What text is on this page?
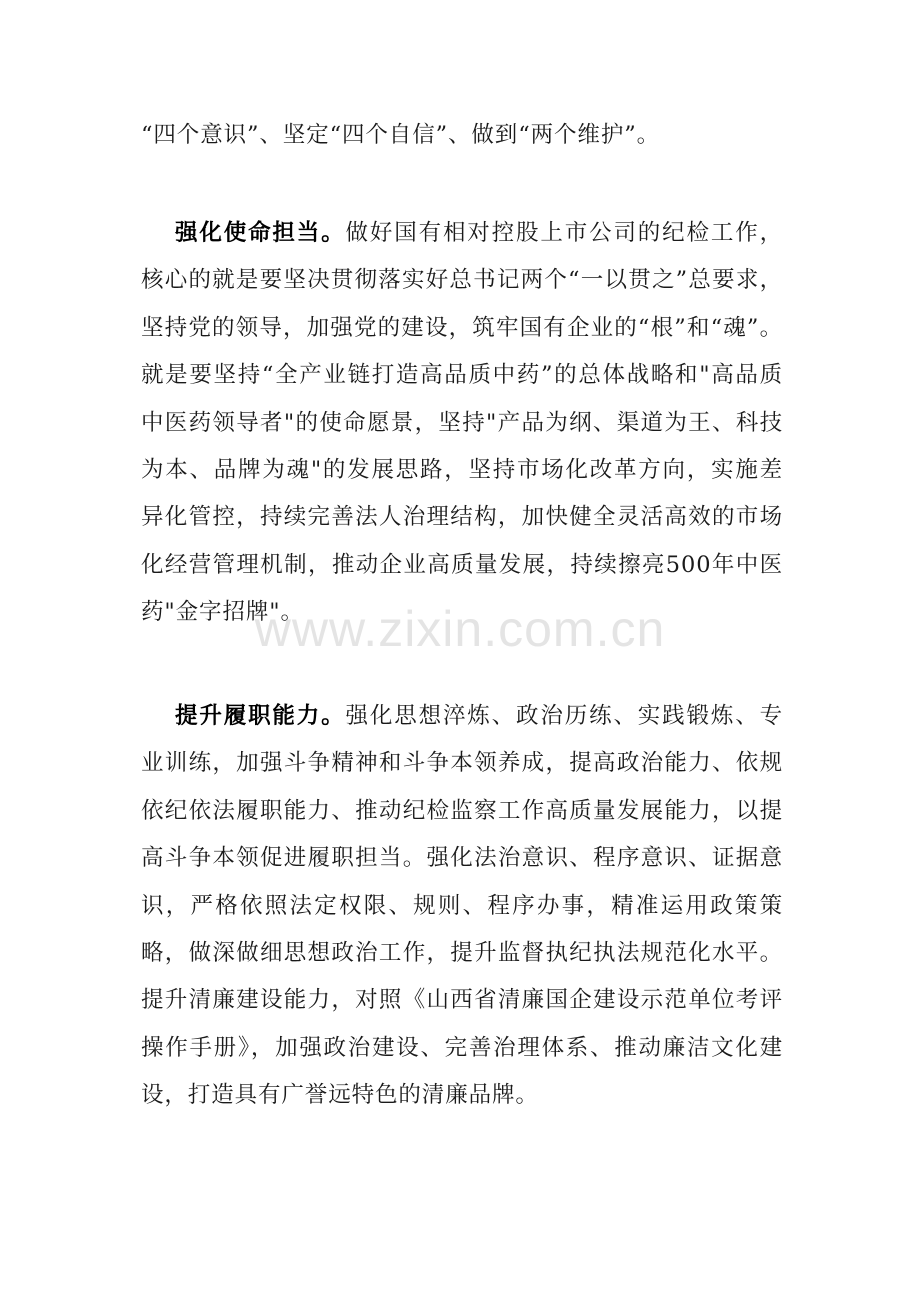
“四个意识”、坚定“四个自信”、做到“两个维护”。

强化使命担当。做好国有相对控股上市公司的纪检工作，核心的就是要坚决贯彻落实好总书记两个“一以贯之”总要求，坚持党的领导，加强党的建设，筑牢国有企业的“根”和“魂”。就是要坚持“全产业链打造高品质中药”的总体战略和"高品质中医药领导者"的使命愿景，坚持"产品为纲、渠道为王、科技为本、品牌为魂"的发展思路，坚持市场化改革方向，实施差异化管控，持续完善法人治理结构，加快健全灵活高效的市场化经营管理机制，推动企业高质量发展，持续擦亮500年中医药"金字招牌"。

提升履职能力。强化思想淬炼、政治历练、实践锻炼、专业训练，加强斗争精神和斗争本领养成，提高政治能力、依规依纪依法履职能力、推动纪检监察工作高质量发展能力，以提高斗争本领促进履职担当。强化法治意识、程序意识、证据意识，严格依照法定权限、规则、程序办事，精准运用政策策略，做深做细思想政治工作，提升监督执纪执法规范化水平。提升清廉建设能力，对照《山西省清廉国企建设示范单位考评操作手册》，加强政治建设、完善治理体系、推动廉洁文化建设，打造具有广誉远特色的清廉品牌。

www.zixin.com.cn
